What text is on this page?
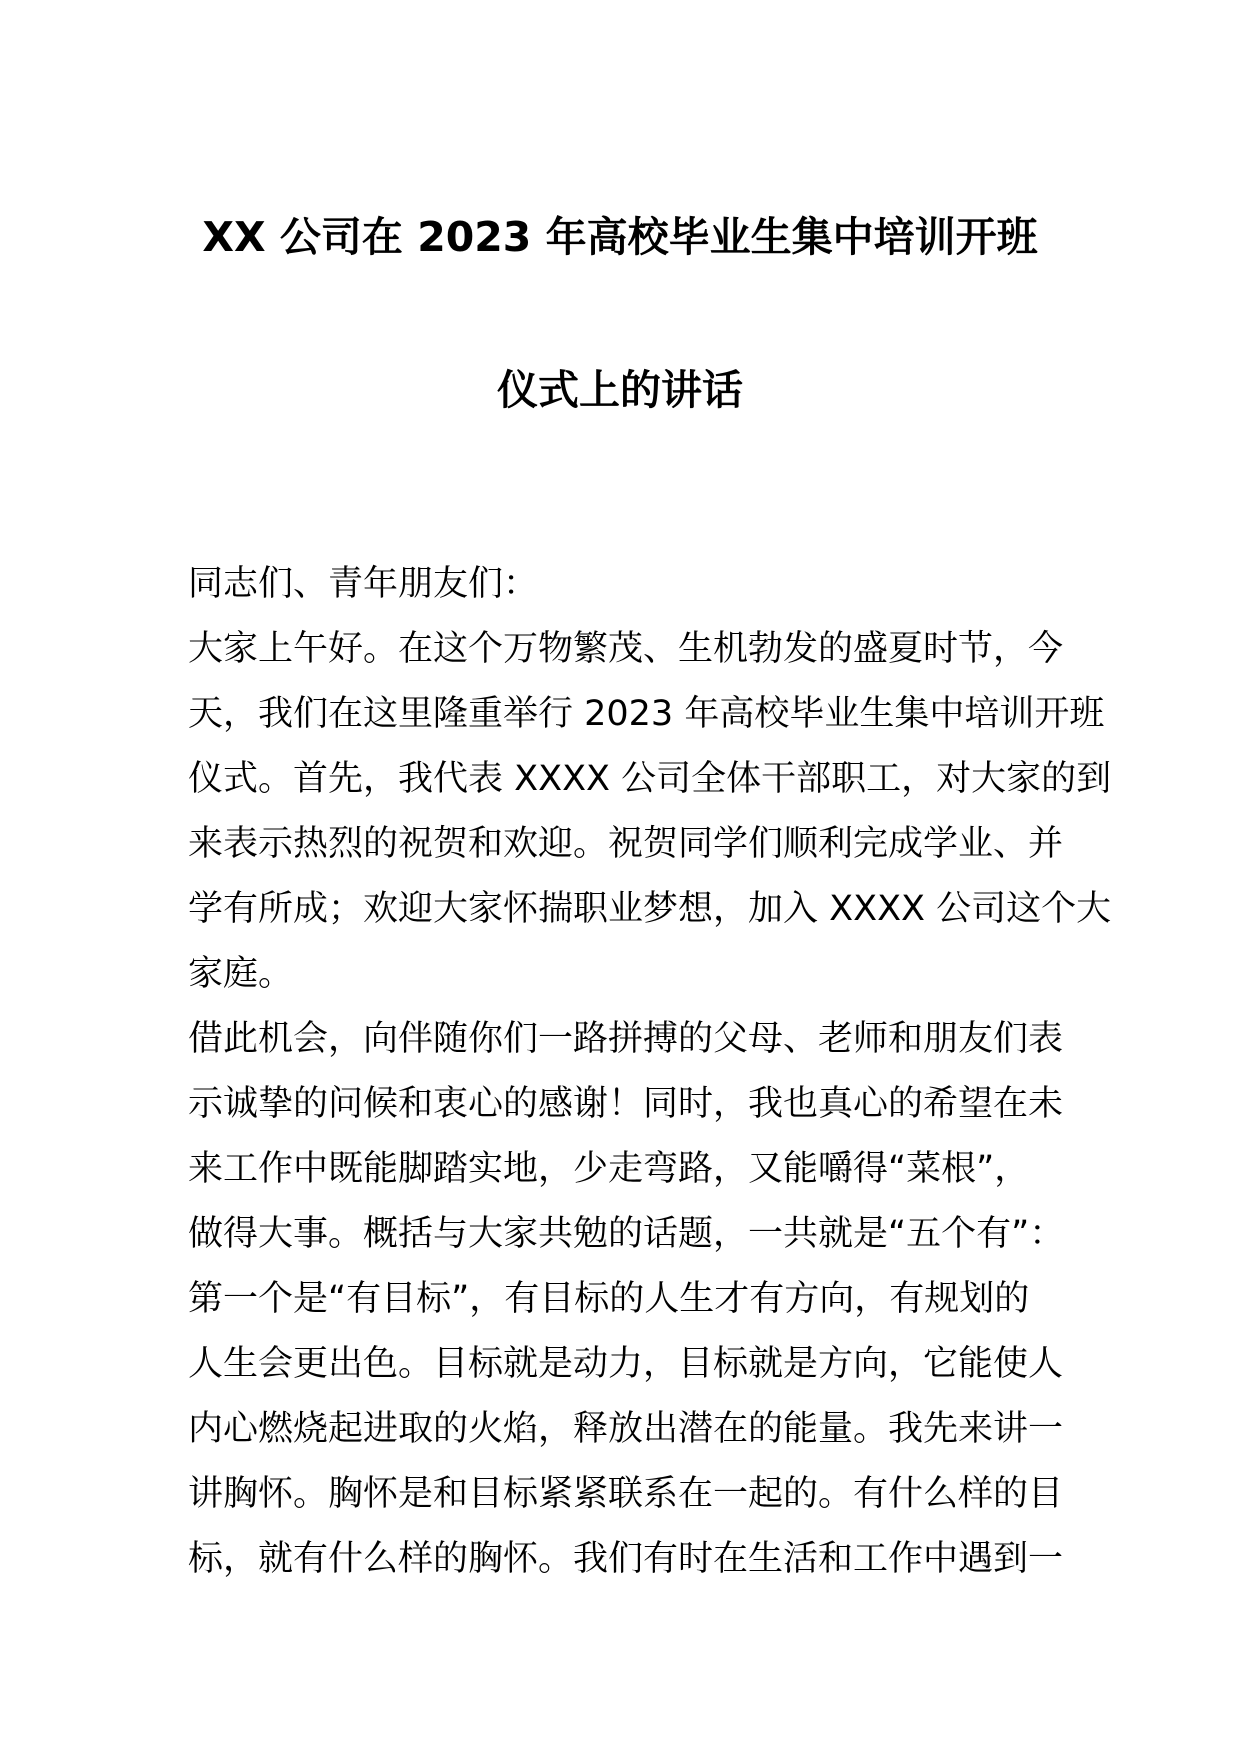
XX 公司在 2023 年高校毕业生集中培训开班
仪式上的讲话

同志们、青年朋友们：

大家上午好。在这个万物繁茂、生机勃发的盛夏时节，今

天，我们在这里隆重举行 2023 年高校毕业生集中培训开班

仪式。首先，我代表 XXXX 公司全体干部职工，对大家的到

来表示热烈的祝贺和欢迎。祝贺同学们顺利完成学业、并

学有所成；欢迎大家怀揣职业梦想，加入 XXXX 公司这个大

家庭。

借此机会，向伴随你们一路拼搏的父母、老师和朋友们表

示诚挚的问候和衷心的感谢！同时，我也真心的希望在未

来工作中既能脚踏实地，少走弯路，又能嚼得“菜根”，

做得大事。概括与大家共勉的话题，一共就是“五个有”：

第一个是“有目标”，有目标的人生才有方向，有规划的

人生会更出色。目标就是动力，目标就是方向，它能使人

内心燃烧起进取的火焰，释放出潜在的能量。我先来讲一

讲胸怀。胸怀是和目标紧紧联系在一起的。有什么样的目

标，就有什么样的胸怀。我们有时在生活和工作中遇到一
